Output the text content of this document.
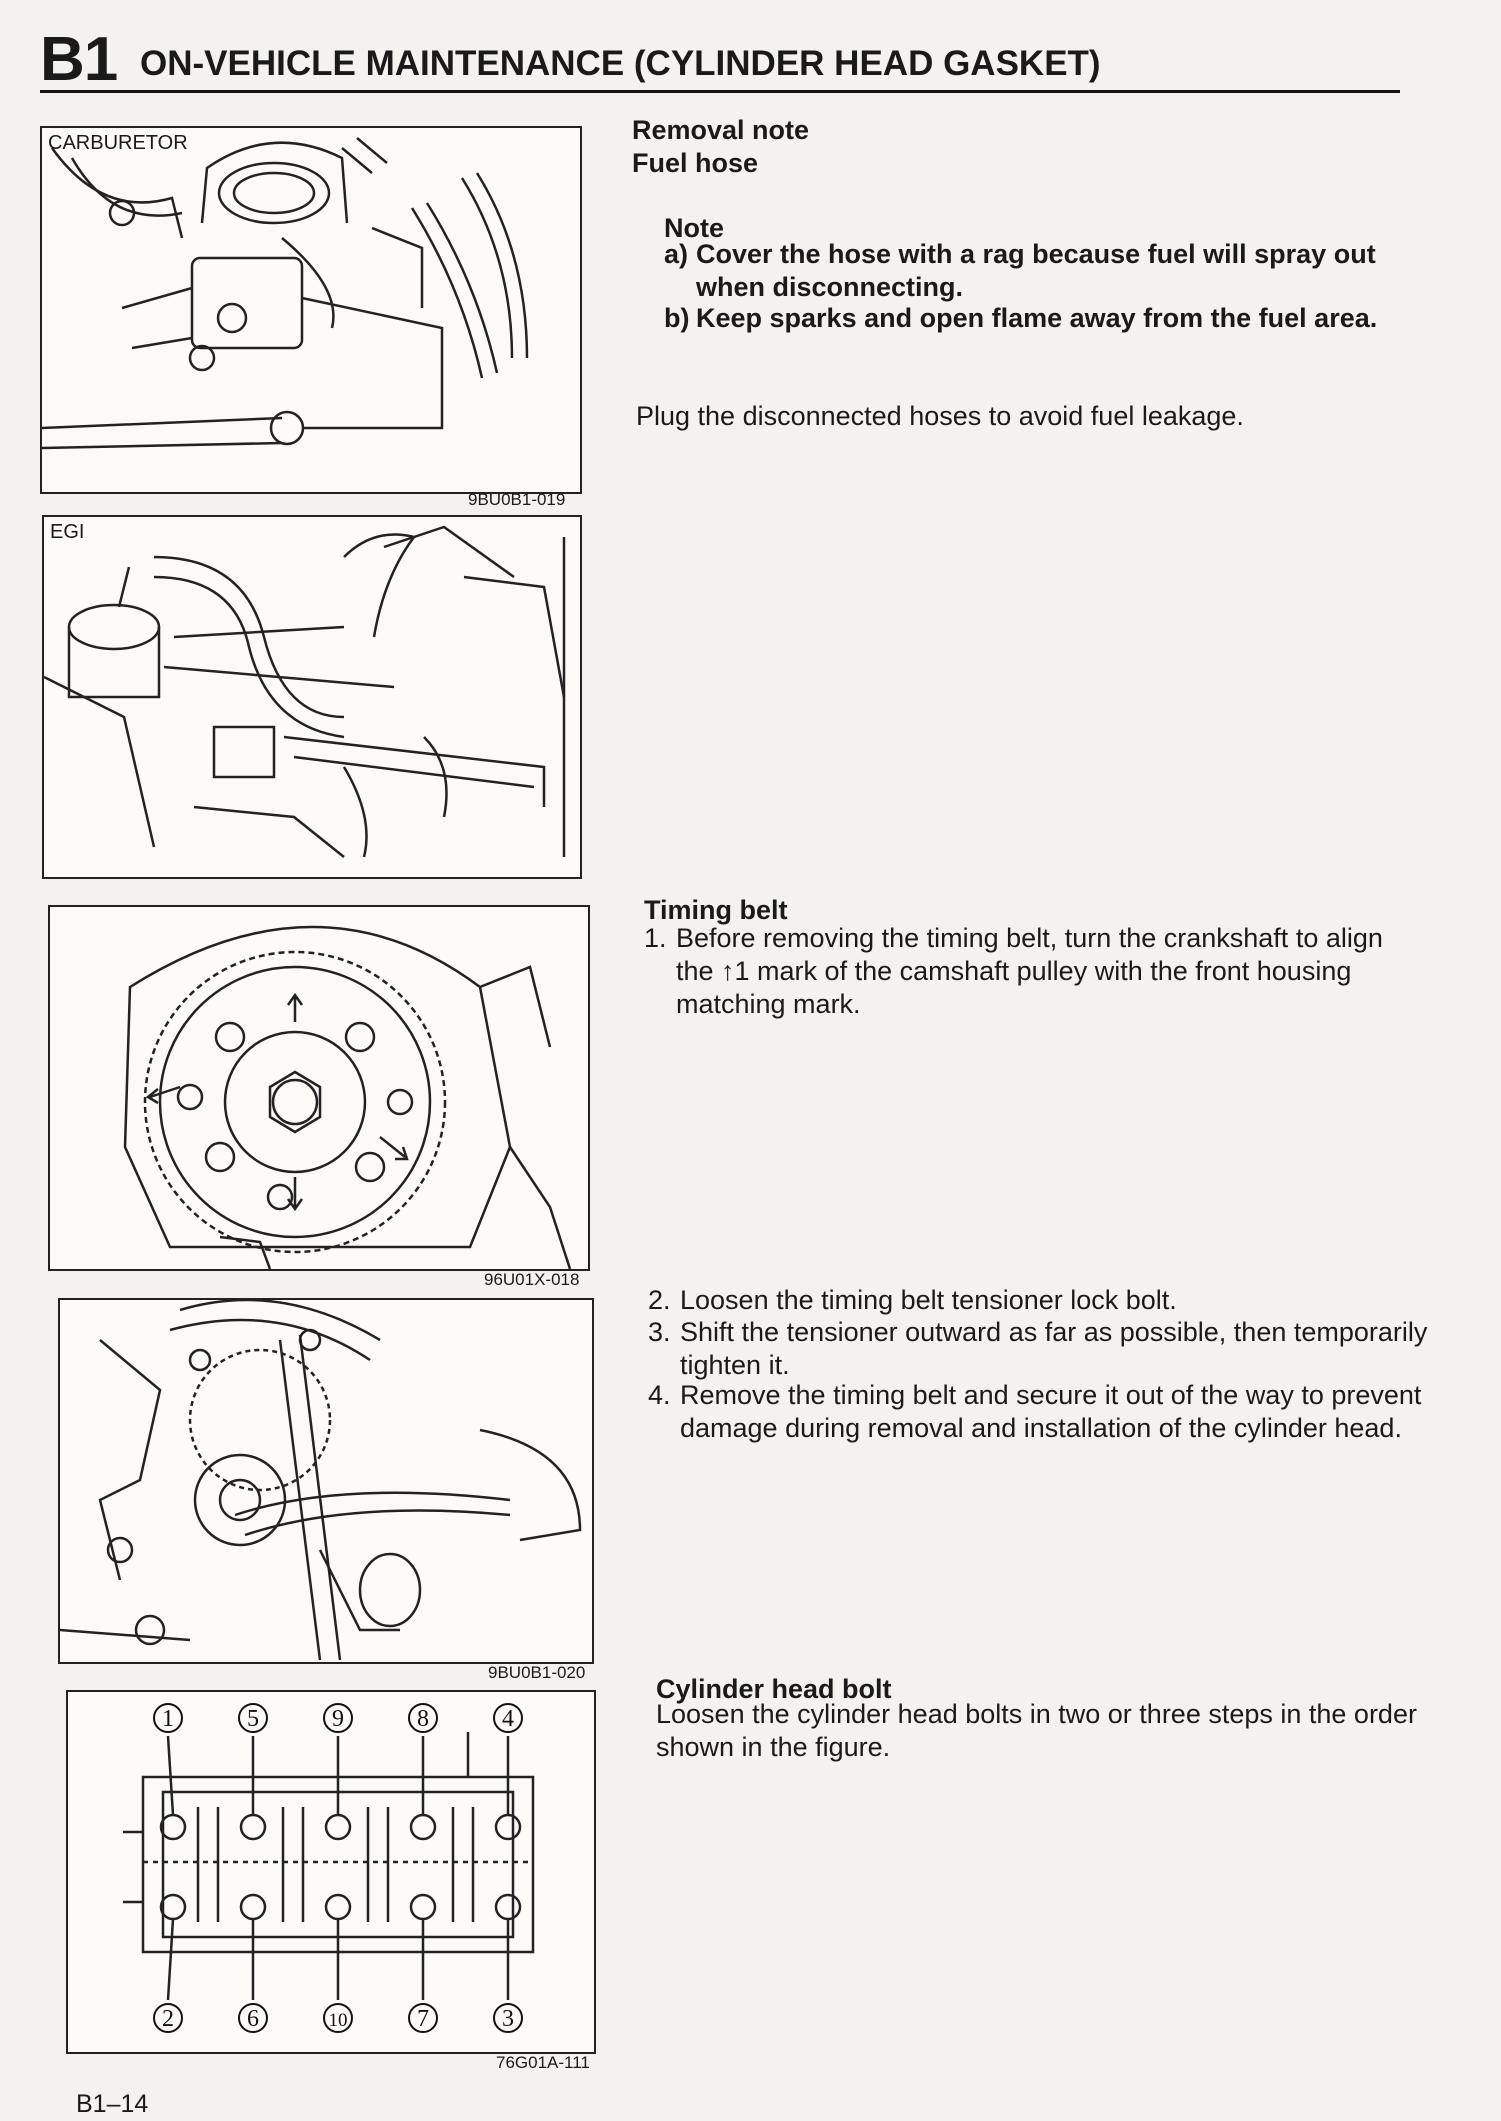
B1 ON-VEHICLE MAINTENANCE (CYLINDER HEAD GASKET)
CARBURETOR
9BU0B1-019
EGI
96U01X-018
9BU0B1-020
1	5	9	8	4
2	6	10	7	3
76G01A-111
Removal note
Fuel hose
Note
a) Cover the hose with a rag because fuel will spray out when disconnecting.
b) Keep sparks and open flame away from the fuel area.
Plug the disconnected hoses to avoid fuel leakage.
Timing belt
1. Before removing the timing belt, turn the crankshaft to align the ↑1 mark of the camshaft pulley with the front housing matching mark.
2. Loosen the timing belt tensioner lock bolt.
3. Shift the tensioner outward as far as possible, then temporarily tighten it.
4. Remove the timing belt and secure it out of the way to prevent damage during removal and installation of the cylinder head.
Cylinder head bolt
Loosen the cylinder head bolts in two or three steps in the order shown in the figure.
B1–14
